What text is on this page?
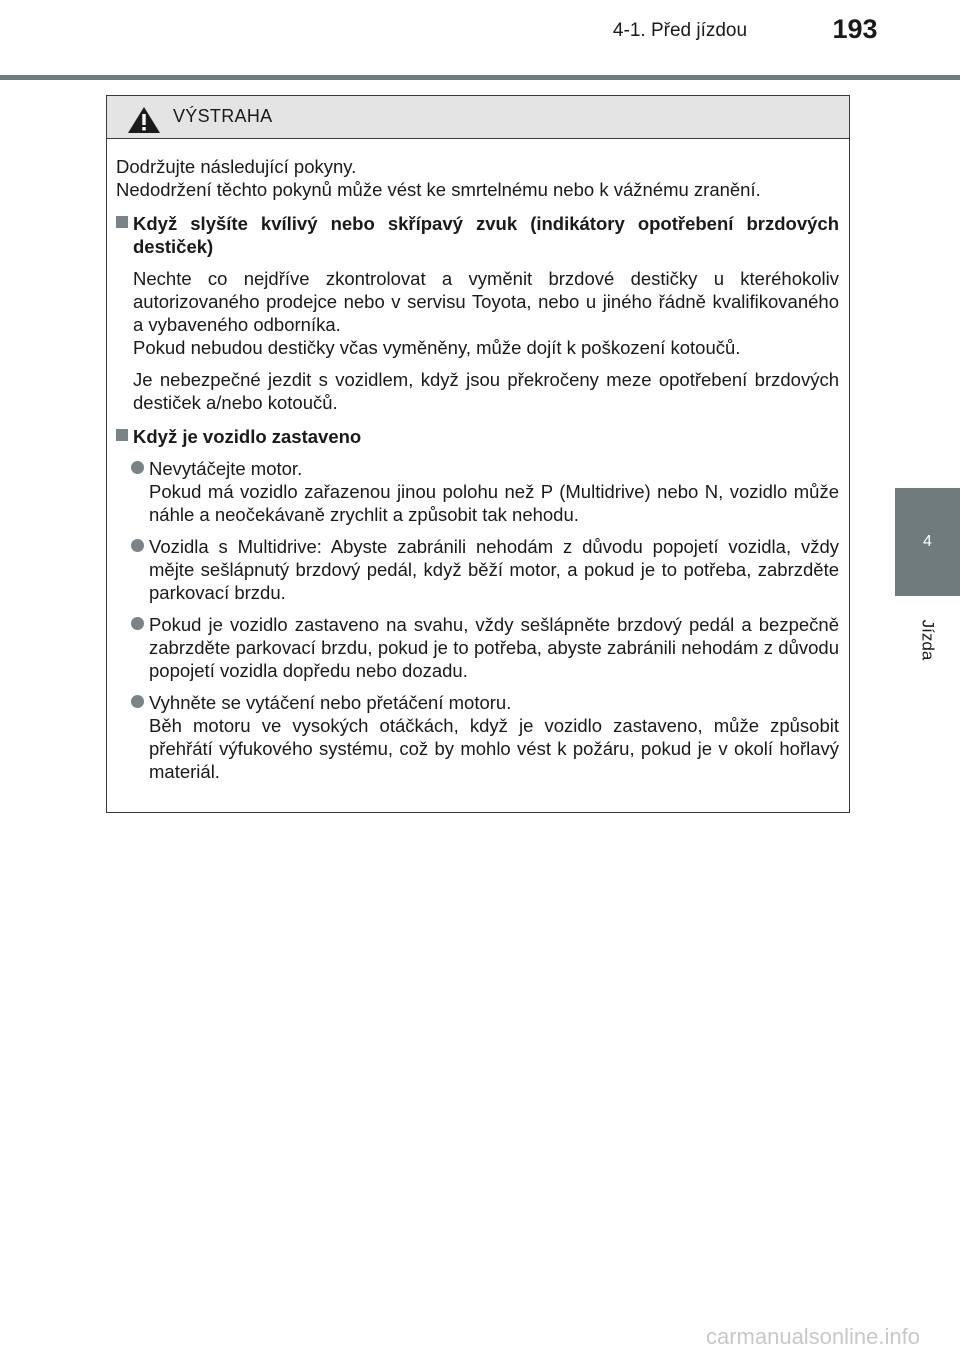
4-1. Před jízdou	193
4
Jízda
VÝSTRAHA

Dodržujte následující pokyny.

Nedodržení těchto pokynů může vést ke smrtelnému nebo k vážnému zranění.

Když slyšíte kvílivý nebo skřípavý zvuk (indikátory opotřebení brzdových destiček)

Nechte co nejdříve zkontrolovat a vyměnit brzdové destičky u kteréhokoliv autorizovaného prodejce nebo v servisu Toyota, nebo u jiného řádně kvalifikovaného a vybaveného odborníka.

Pokud nebudou destičky včas vyměněny, může dojít k poškození kotoučů.

Je nebezpečné jezdit s vozidlem, když jsou překročeny meze opotřebení brzdových destiček a/nebo kotoučů.

Když je vozidlo zastaveno

Nevytáčejte motor.

Pokud má vozidlo zařazenou jinou polohu než P (Multidrive) nebo N, vozidlo může náhle a neočekávaně zrychlit a způsobit tak nehodu.

Vozidla s Multidrive: Abyste zabránili nehodám z důvodu popojetí vozidla, vždy mějte sešlápnutý brzdový pedál, když běží motor, a pokud je to potřeba, zabrzděte parkovací brzdu.

Pokud je vozidlo zastaveno na svahu, vždy sešlápněte brzdový pedál a bezpečně zabrzděte parkovací brzdu, pokud je to potřeba, abyste zabránili nehodám z důvodu popojetí vozidla dopředu nebo dozadu.

Vyhněte se vytáčení nebo přetáčení motoru.

Běh motoru ve vysokých otáčkách, když je vozidlo zastaveno, může způsobit přehřátí výfukového systému, což by mohlo vést k požáru, pokud je v okolí hořlavý materiál.

carmanualsonline.info
